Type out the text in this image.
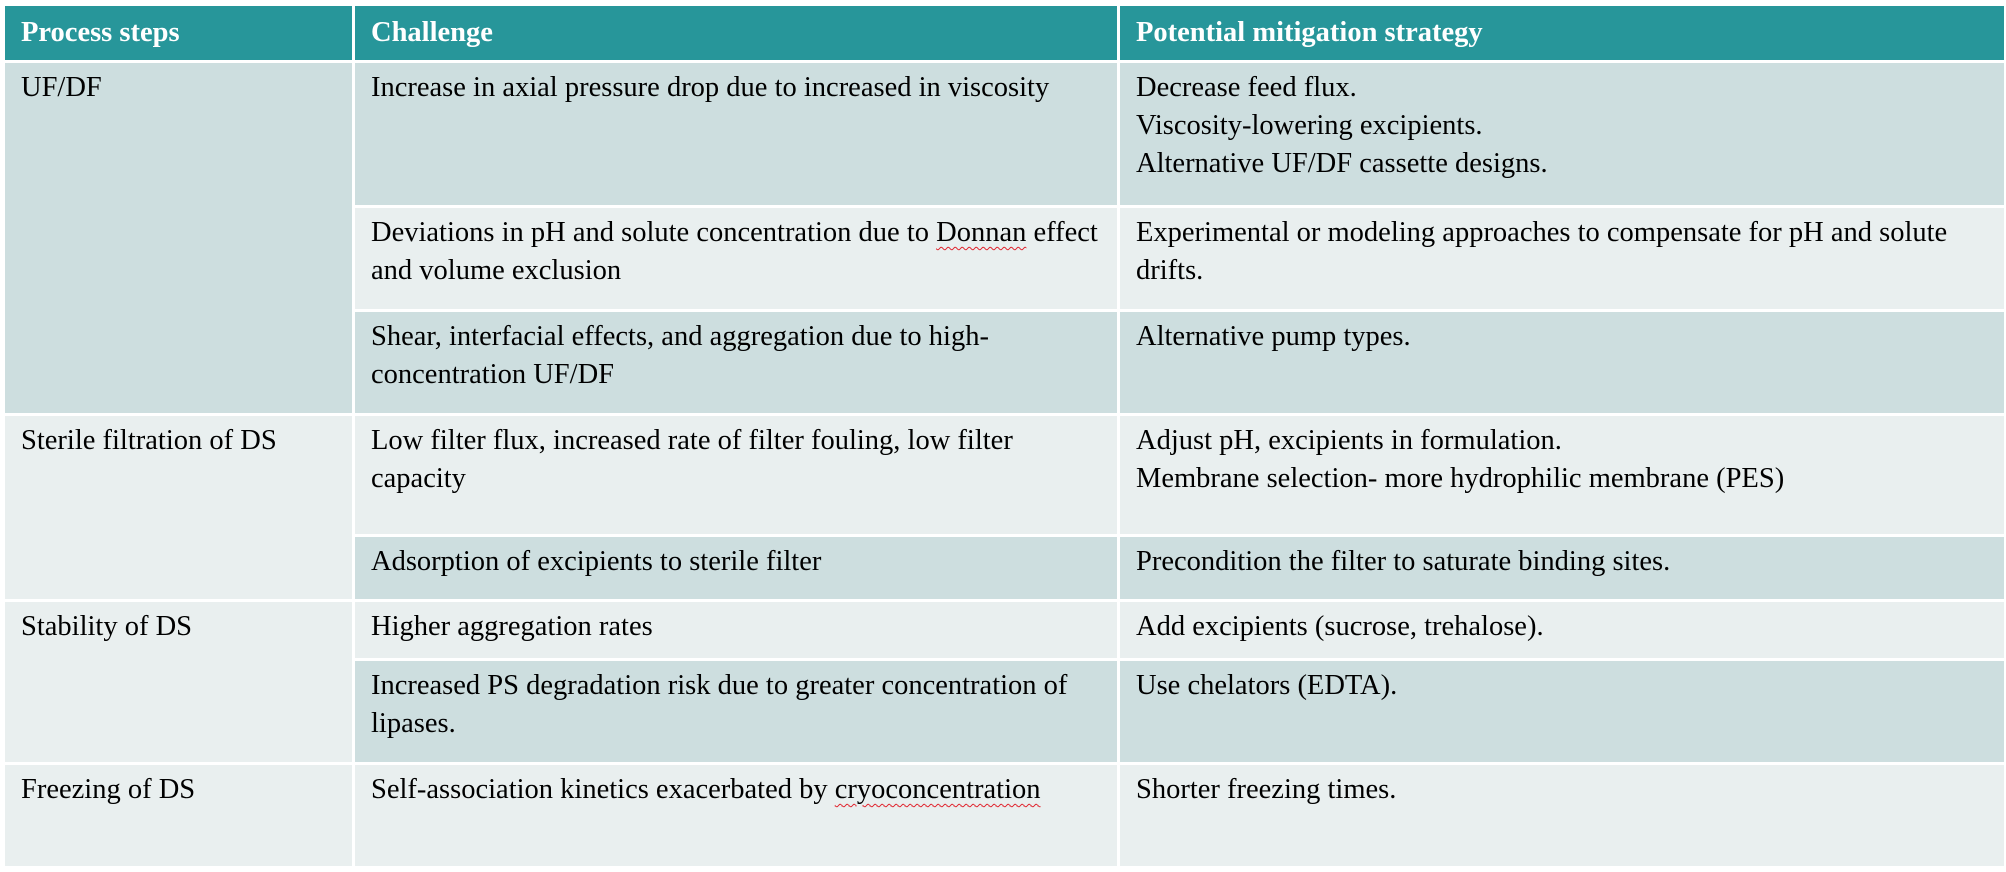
Process steps	Challenge	Potential mitigation strategy
UF/DF	Increase in axial pressure drop due to increased in viscosity	Decrease feed flux.
Viscosity-lowering excipients.
Alternative UF/DF cassette designs.

	Deviations in pH and solute concentration due to Donnan effect and volume exclusion	Experimental or modeling approaches to compensate for pH and solute drifts.
	Shear, interfacial effects, and aggregation due to high-concentration UF/DF	Alternative pump types.
Sterile filtration of DS	Low filter flux, increased rate of filter fouling, low filter capacity	Adjust pH, excipients in formulation.
Membrane selection- more hydrophilic membrane (PES)

	Adsorption of excipients to sterile filter	Precondition the filter to saturate binding sites.
Stability of DS	Higher aggregation rates	Add excipients (sucrose, trehalose).
	Increased PS degradation risk due to greater concentration of lipases.	Use chelators (EDTA).
Freezing of DS	Self-association kinetics exacerbated by cryoconcentration	Shorter freezing times.
